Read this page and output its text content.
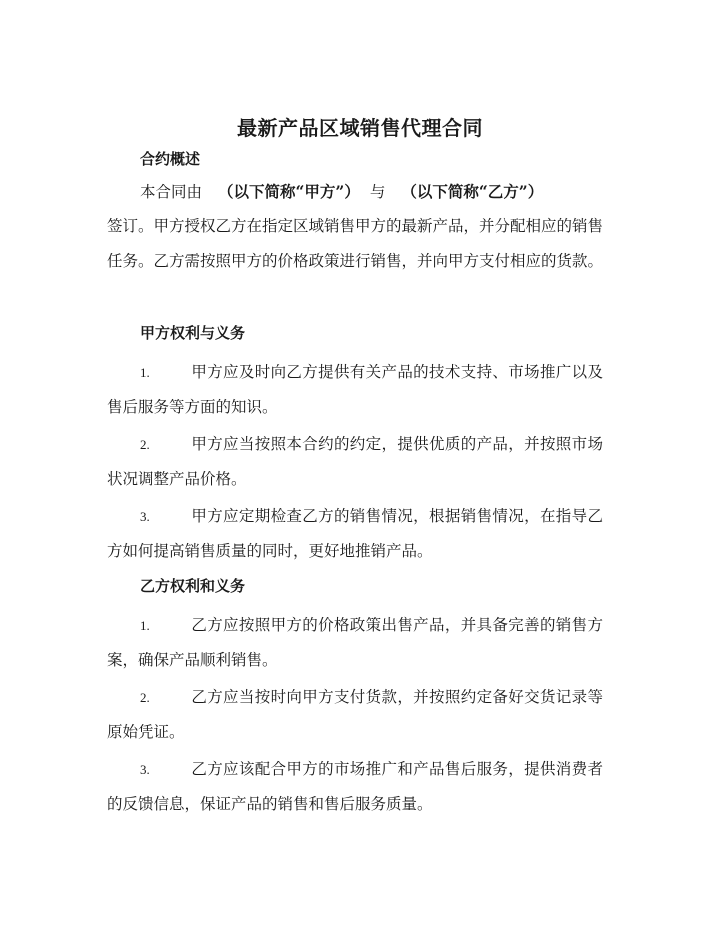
最新产品区域销售代理合同
合约概述
本合同由 （以下简称“甲方”） 与 （以下简称“乙方”）

签订。甲方授权乙方在指定区域销售甲方的最新产品，并分配相应的销售任务。乙方需按照甲方的价格政策进行销售，并向甲方支付相应的货款。

甲方权利与义务

1.	甲方应及时向乙方提供有关产品的技术支持、市场推广以及售后服务等方面的知识。

2.	甲方应当按照本合约的约定，提供优质的产品，并按照市场状况调整产品价格。

3.	甲方应定期检查乙方的销售情况，根据销售情况，在指导乙方如何提高销售质量的同时，更好地推销产品。

乙方权利和义务

1.	乙方应按照甲方的价格政策出售产品，并具备完善的销售方案，确保产品顺利销售。

2.	乙方应当按时向甲方支付货款，并按照约定备好交货记录等原始凭证。

3.	乙方应该配合甲方的市场推广和产品售后服务，提供消费者的反馈信息，保证产品的销售和售后服务质量。
